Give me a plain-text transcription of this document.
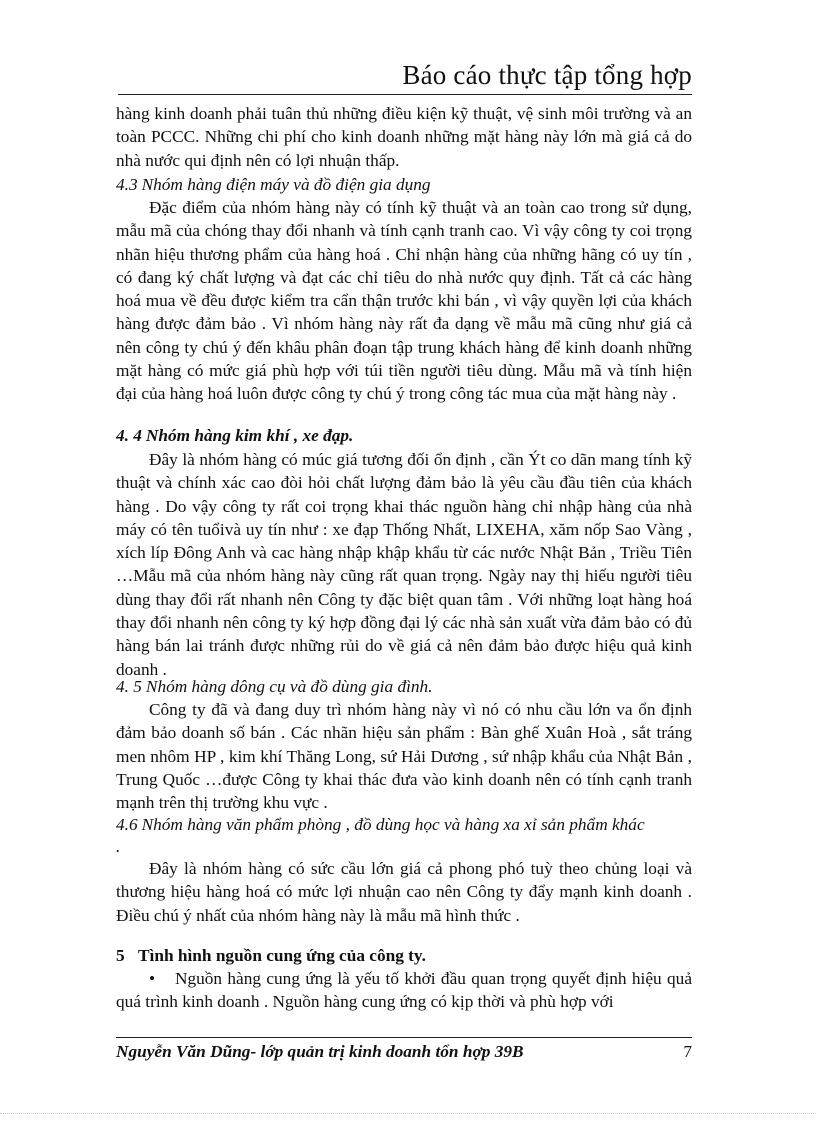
Báo cáo thực tập tổng hợp

hàng kinh doanh phải tuân thủ những điều kiện kỹ thuật, vệ sinh môi trường và an toàn PCCC. Những chi phí cho kinh doanh những mặt hàng này lớn mà giá cả do nhà nước qui định nên có lợi nhuận thấp.

4.3 Nhóm hàng điện máy và đồ điện gia dụng

Đặc điểm của nhóm hàng này có tính kỹ thuật và an toàn cao trong sử dụng, mẫu mã của chóng thay đổi nhanh và tính cạnh tranh cao. Vì vậy công ty coi trọng nhãn hiệu thương phẩm của hàng hoá . Chỉ nhận hàng của những hãng có uy tín , có đang ký chất lượng và đạt các chỉ tiêu do nhà nước quy định. Tất cả các hàng hoá mua về đều được kiểm tra cẩn thận trước khi bán , vì vậy quyền lợi của khách hàng được đảm bảo . Vì nhóm hàng này rất đa dạng về mẫu mã cũng như giá cả nên công ty chú ý đến khâu phân đoạn tập trung khách hàng để kinh doanh những mặt hàng có mức giá phù hợp với túi tiền người tiêu dùng. Mẫu mã và tính hiện đại của hàng hoá luôn được công ty chú ý trong công tác mua của mặt hàng này .

4. 4 Nhóm hàng kim khí , xe đạp.

Đây là nhóm hàng có múc giá tương đối ổn định , cần Ýt co dãn mang tính kỹ thuật và chính xác cao đòi hỏi chất lượng đảm bảo là yêu cầu đầu tiên của khách hàng . Do vậy công ty rất coi trọng khai thác nguồn hàng chỉ nhập hàng của nhà máy có tên tuổivà uy tín như : xe đạp Thống Nhất, LIXEHA, xăm nốp Sao Vàng , xích líp Đông Anh và cac hàng nhập khập khẩu từ các nước Nhật Bản , Triều Tiên …Mẫu mã của nhóm hàng này cũng rất quan trọng. Ngày nay thị hiếu người tiêu dùng thay đổi rất nhanh nên Công ty đặc biệt quan tâm . Với những loạt hàng hoá thay đổi nhanh nên công ty ký hợp đồng đại lý các nhà sản xuất vừa đảm bảo có đủ hàng bán lai tránh được những rủi do về giá cả nên đảm bảo được hiệu quả kinh doanh .

4. 5 Nhóm hàng dông cụ và đồ dùng gia đình.

Công ty đã và đang duy trì nhóm hàng này vì nó có nhu cầu lớn va ổn định đảm bảo doanh số bán . Các nhãn hiệu sản phẩm : Bàn ghế Xuân Hoà , sắt tráng men nhôm HP , kim khí Thăng Long, sứ Hải Dương , sứ nhập khẩu của Nhật Bản , Trung Quốc …được Công ty khai thác đưa vào kinh doanh nên có tính cạnh tranh mạnh trên thị trường khu vực .

4.6 Nhóm hàng văn phẩm phòng , đồ dùng học và hàng xa xỉ sản phẩm khác
.

Đây là nhóm hàng có sức cầu lớn giá cả phong phó tuỳ theo chủng loại và thương hiệu hàng hoá có mức lợi nhuận cao nên Công ty đẩy mạnh kinh doanh . Điều chú ý nhất của nhóm hàng này là mẫu mã hình thức .

5 Tình hình nguồn cung ứng của công ty.

• Nguồn hàng cung ứng là yếu tố khởi đầu quan trọng quyết định hiệu quả quá trình kinh doanh . Nguồn hàng cung ứng có kịp thời và phù hợp với

Nguyễn Văn Dũng- lớp quản trị kinh doanh tổn hợp 39B	7
